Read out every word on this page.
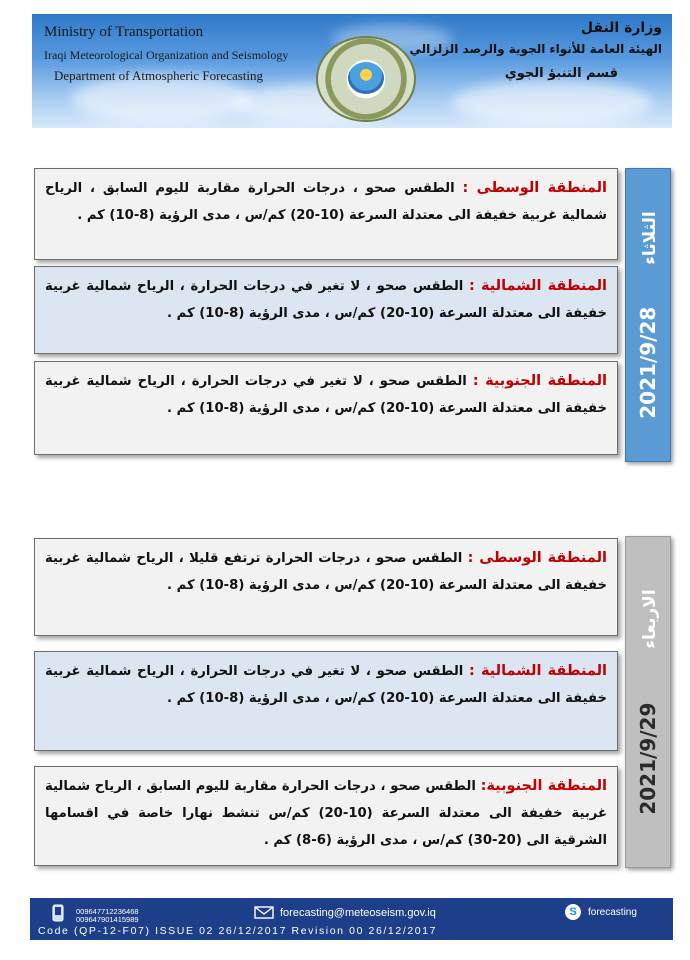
Ministry of Transportation
Iraqi Meteorological Organization and Seismology
Department of Atmospheric Forecasting
وزارة النقل
الهيئة العامة للأنواء الجوية والرصد الزلزالي
قسم التنبؤ الجوي
المنطقة الوسطى : الطقس صحو ، درجات الحرارة مقاربة لليوم السابق ، الرياح شمالية غربية خفيفة الى معتدلة السرعة (10-20) كم/س ، مدى الرؤية (8-10) كم .
المنطقة الشمالية : الطقس صحو ، لا تغير في درجات الحرارة ، الرياح شمالية غربية خفيفة الى معتدلة السرعة (10-20) كم/س ، مدى الرؤية (8-10) كم .
المنطقة الجنوبية : الطقس صحو ، لا تغير في درجات الحرارة ، الرياح شمالية غربية خفيفة الى معتدلة السرعة (10-20) كم/س ، مدى الرؤية (8-10) كم .	2021/9/28  الثلاثاء
المنطقة الوسطى : الطقس صحو ، درجات الحرارة ترتفع قليلا ، الرياح شمالية غربية خفيفة الى معتدلة السرعة (10-20) كم/س ، مدى الرؤية (8-10) كم .
المنطقة الشمالية : الطقس صحو ، لا تغير في درجات الحرارة ، الرياح شمالية غربية خفيفة الى معتدلة السرعة (10-20) كم/س ، مدى الرؤية (8-10) كم .
المنطقة الجنوبية: الطقس صحو ، درجات الحرارة مقاربة لليوم السابق ، الرياح شمالية غربية خفيفة الى معتدلة السرعة (10-20) كم/س تنشط نهارا خاصة في اقسامها الشرقية الى (20-30) كم/س ، مدى الرؤية (6-8) كم .
2021/9/29  الاربعاء
009647712236468
009647901415989
forecasting@meteoseism.gov.iq	S	forecasting
Code (QP-12-F07) ISSUE 02 26/12/2017 Revision 00 26/12/2017
